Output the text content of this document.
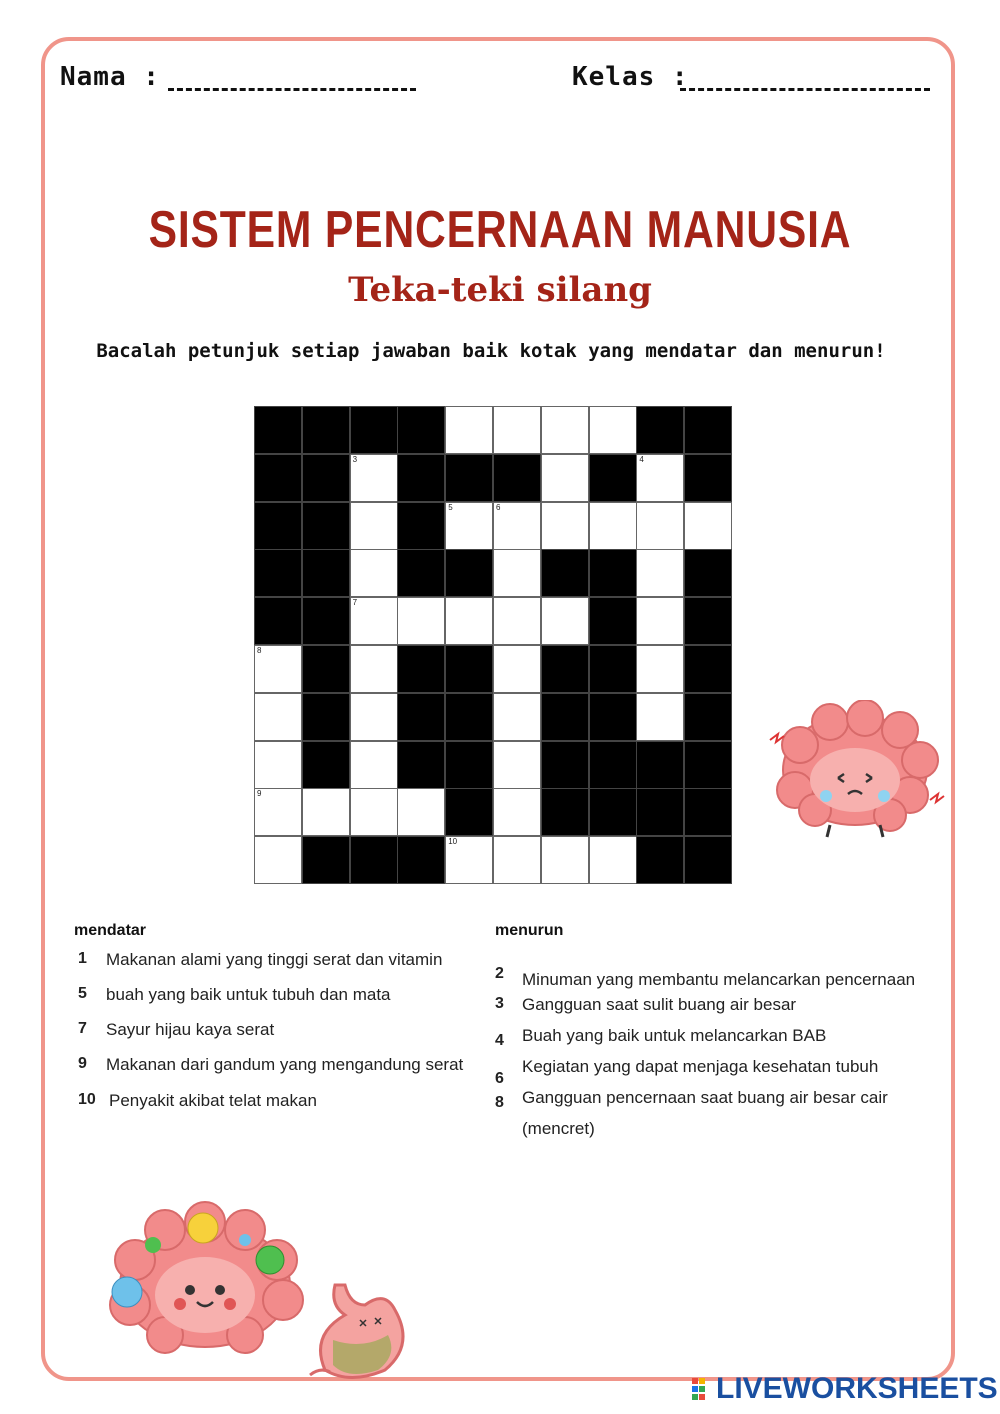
Nama :	Kelas :
SISTEM PENCERNAAN MANUSIA
Teka-teki silang
Bacalah petunjuk setiap jawaban baik kotak yang mendatar dan menurun!
3	4
5	6
7
8
9
10
mendatar	menurun
1 Makanan alami yang tinggi serat dan vitamin
5 buah yang baik untuk tubuh dan mata
7 Sayur hijau kaya serat
9 Makanan dari gandum yang mengandung serat
10 Penyakit akibat telat makan
2 Minuman yang membantu melancarkan pencernaan
3 Gangguan saat sulit buang air besar
4 Buah yang baik untuk melancarkan BAB
6
Kegiatan yang dapat menjaga kesehatan tubuh
8 Gangguan pencernaan saat buang air besar cair
(mencret)
LIVEWORKSHEETS
